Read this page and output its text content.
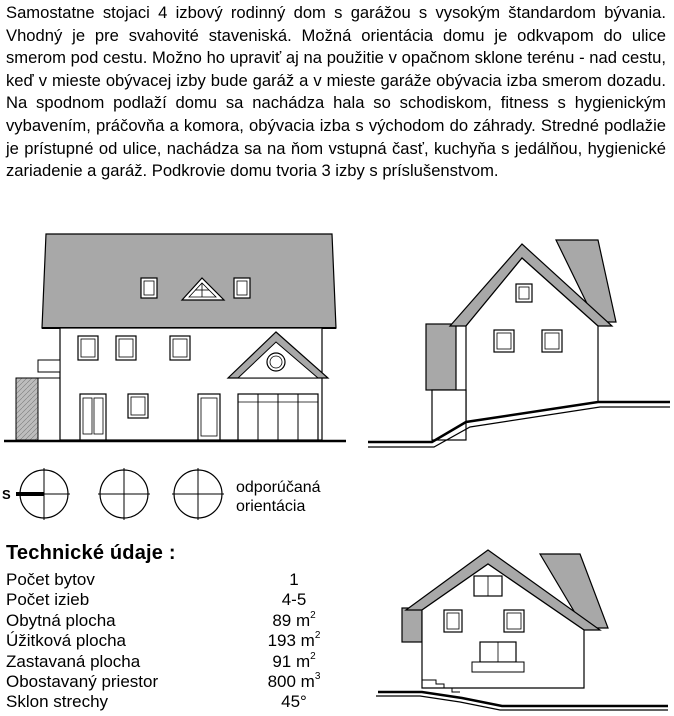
Samostatne stojaci 4 izbový rodinný dom s garážou s vysokým štandardom bývania. Vhodný je pre svahovité staveniská. Možná orientácia domu je odkvapom do ulice smerom pod cestu. Možno ho upraviť aj na použitie v opačnom sklone terénu - nad cestu, keď v mieste obývacej izby bude garáž a v mieste garáže obývacia izba smerom dozadu. Na spodnom podlaží domu sa nachádza hala so schodiskom, fitness s hygienickým vybavením, práčovňa a komora, obývacia izba s východom do záhrady. Stredné podlažie je prístupné od ulice, nachádza sa na ňom vstupná časť, kuchyňa s jedálňou, hygienické zariadenie a garáž. Podkrovie domu tvoria 3 izby s príslušenstvom.

S	odporúčaná
orientácia
Technické údaje :
Počet bytov	1
Počet izieb	4-5
Obytná plocha	89 $m^2$
Úžitková plocha	193 $m^2$
Zastavaná plocha	91 $m^2$
Obostavaný priestor	800 $m^3$
Sklon strechy	45°
